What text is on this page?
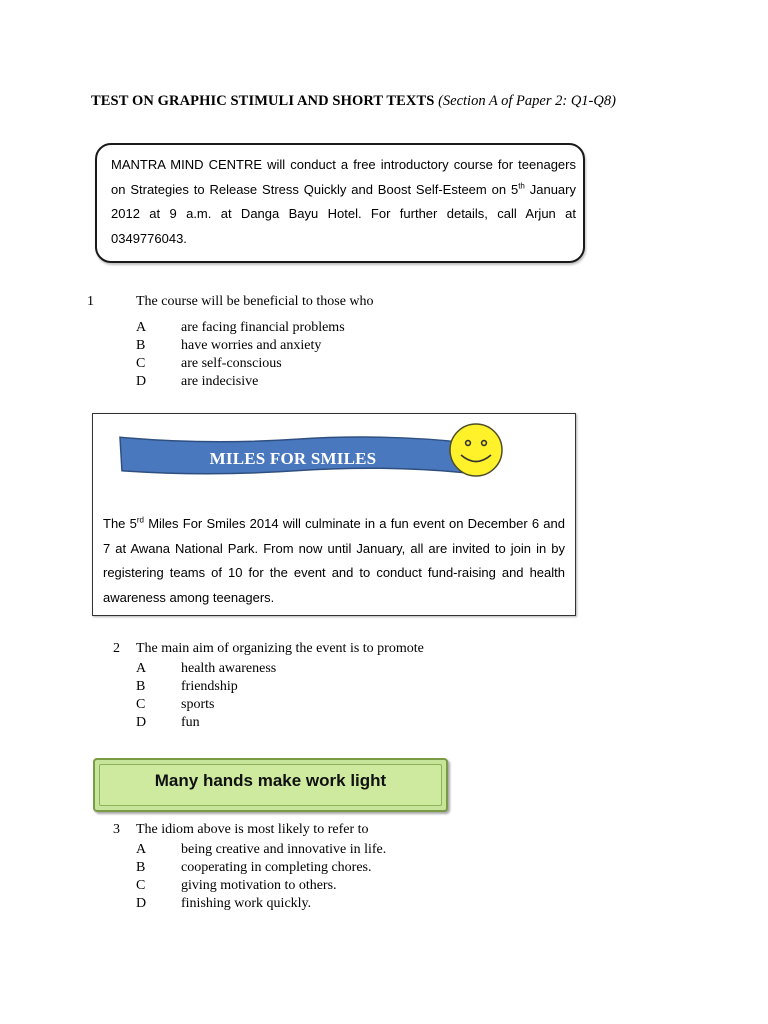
TEST ON GRAPHIC STIMULI AND SHORT TEXTS (Section A of Paper 2: Q1-Q8)
MANTRA MIND CENTRE will conduct a free introductory course for teenagers on Strategies to Release Stress Quickly and Boost Self-Esteem on 5th January 2012 at 9 a.m. at Danga Bayu Hotel. For further details, call Arjun at 0349776043.
1	The course will be beneficial to those who
A	are facing financial problems
B	have worries and anxiety
C	are self-conscious
D	are indecisive
MILES FOR SMILES
The 5rd Miles For Smiles 2014 will culminate in a fun event on December 6 and 7 at Awana National Park. From now until January, all are invited to join in by registering teams of 10 for the event and to conduct fund-raising and health awareness among teenagers.
2 The main aim of organizing the event is to promote
A	health awareness
B	friendship
C	sports
D	fun
Many hands make work light
3 The idiom above is most likely to refer to
A	being creative and innovative in life.
B	cooperating in completing chores.
C	giving motivation to others.
D	finishing work quickly.
